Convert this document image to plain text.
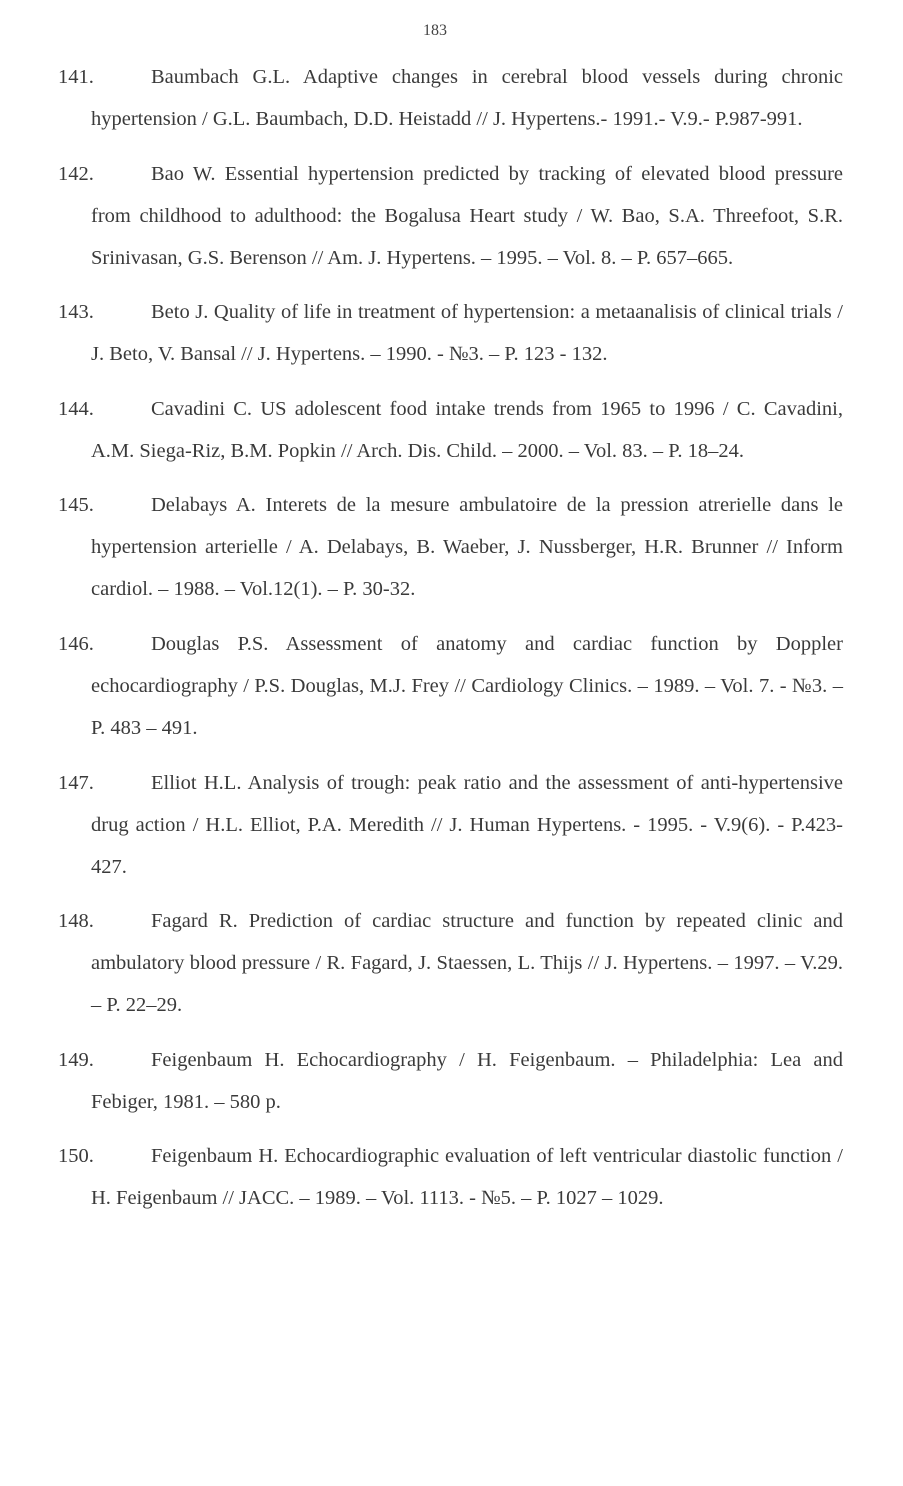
183
141.	Baumbach G.L. Adaptive changes in cerebral blood vessels during chronic hypertension / G.L. Baumbach, D.D. Heistadd // J. Hypertens.- 1991.- V.9.- P.987-991.
142.	Bao W. Essential hypertension predicted by tracking of elevated blood pressure from childhood to adulthood: the Bogalusa Heart study / W. Bao, S.A. Threefoot, S.R. Srinivasan, G.S. Berenson // Am. J. Hypertens. – 1995. – Vol. 8. – P. 657–665.
143.	Beto J. Quality of life in treatment of hypertension: a metaanalisis of clinical trials / J. Beto, V. Bansal // J. Hypertens. – 1990. - №3. – P. 123 - 132.
144.	Cavadini C. US adolescent food intake trends from 1965 to 1996 / C. Cavadini, A.M. Siega-Riz, B.M. Popkin // Arch. Dis. Child. – 2000. – Vol. 83. – P. 18–24.
145.	Delabays A. Interets de la mesure ambulatoire de la pression atrerielle dans le hypertension arterielle / A. Delabays, B. Waeber, J. Nussberger, H.R. Brunner // Inform cardiol. – 1988. – Vol.12(1). – P. 30-32.
146.	Douglas P.S. Assessment of anatomy and cardiac function by Doppler echocardiography / P.S. Douglas, M.J. Frey // Cardiology Clinics. – 1989. – Vol. 7. - №3. – P. 483 – 491.
147.	Elliot H.L. Analysis of trough: peak ratio and the assessment of anti-hypertensive drug action / H.L. Elliot, P.A. Meredith // J. Human Hypertens. - 1995. - V.9(6). - P.423-427.
148.	Fagard R. Prediction of cardiac structure and function by repeated clinic and ambulatory blood pressure / R. Fagard, J. Staessen, L. Thijs // J. Hypertens. – 1997. – V.29. – P. 22–29.
149.	Feigenbaum H. Echocardiography / H. Feigenbaum. – Philadelphia: Lea and Febiger, 1981. – 580 p.
150.	Feigenbaum H. Echocardiographic evaluation of left ventricular diastolic function / H. Feigenbaum // JACC. – 1989. – Vol. 1113. - №5. – P. 1027 – 1029.
